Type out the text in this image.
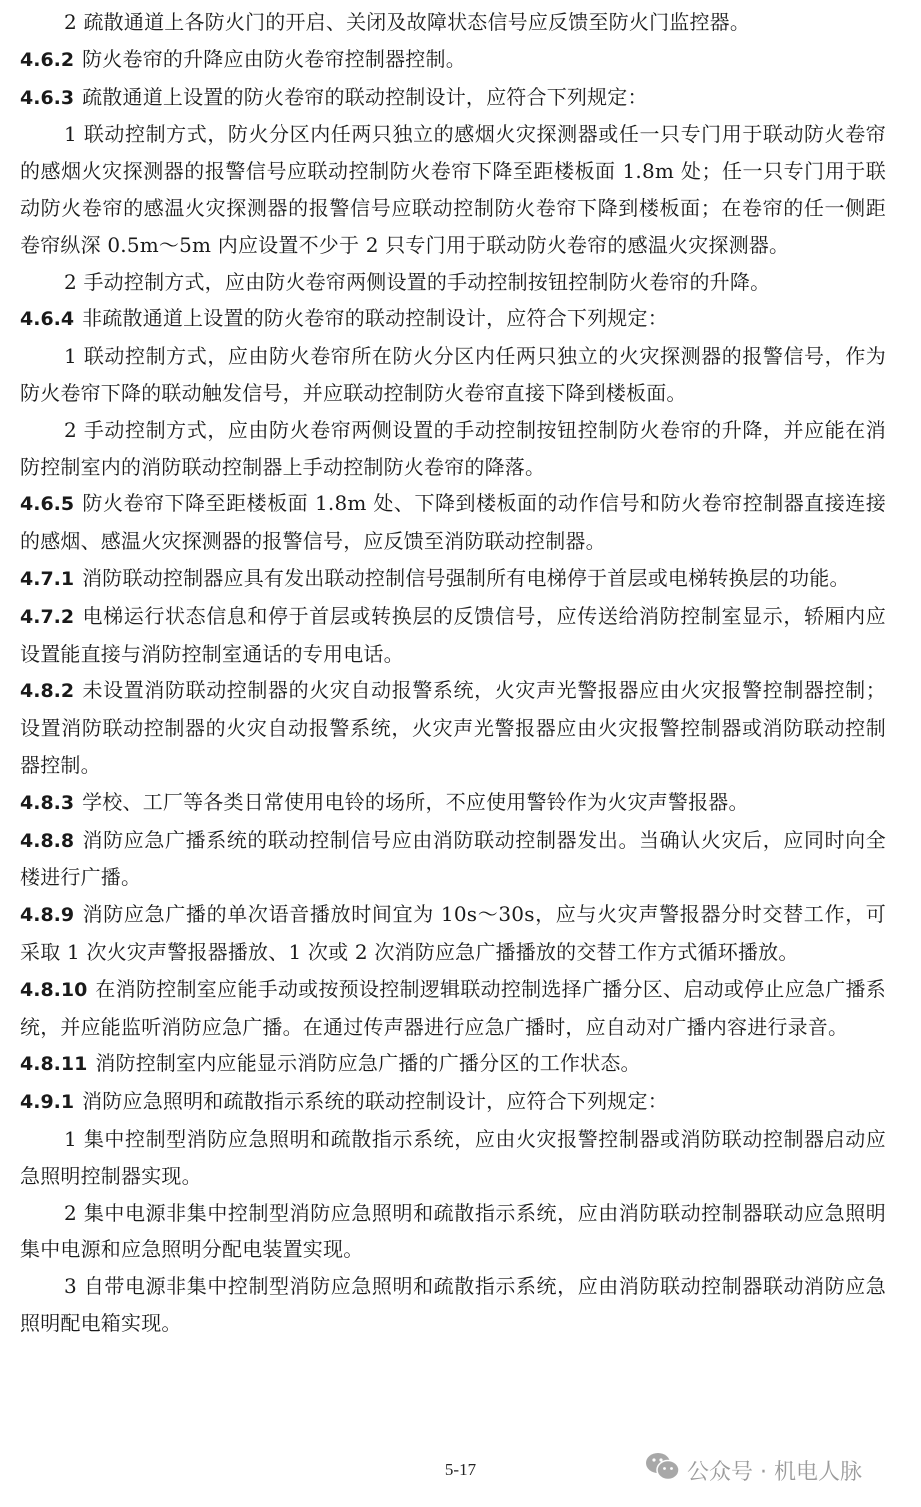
2 疏散通道上各防火门的开启、关闭及故障状态信号应反馈至防火门监控器。

4.6.2 防火卷帘的升降应由防火卷帘控制器控制。

4.6.3 疏散通道上设置的防火卷帘的联动控制设计，应符合下列规定：

1 联动控制方式，防火分区内任两只独立的感烟火灾探测器或任一只专门用于联动防火卷帘的感烟火灾探测器的报警信号应联动控制防火卷帘下降至距楼板面 1.8m 处；任一只专门用于联动防火卷帘的感温火灾探测器的报警信号应联动控制防火卷帘下降到楼板面；在卷帘的任一侧距卷帘纵深 0.5m～5m 内应设置不少于 2 只专门用于联动防火卷帘的感温火灾探测器。

2 手动控制方式，应由防火卷帘两侧设置的手动控制按钮控制防火卷帘的升降。

4.6.4 非疏散通道上设置的防火卷帘的联动控制设计，应符合下列规定：

1 联动控制方式，应由防火卷帘所在防火分区内任两只独立的火灾探测器的报警信号，作为防火卷帘下降的联动触发信号，并应联动控制防火卷帘直接下降到楼板面。

2 手动控制方式，应由防火卷帘两侧设置的手动控制按钮控制防火卷帘的升降，并应能在消防控制室内的消防联动控制器上手动控制防火卷帘的降落。

4.6.5 防火卷帘下降至距楼板面 1.8m 处、下降到楼板面的动作信号和防火卷帘控制器直接连接的感烟、感温火灾探测器的报警信号，应反馈至消防联动控制器。

4.7.1 消防联动控制器应具有发出联动控制信号强制所有电梯停于首层或电梯转换层的功能。

4.7.2 电梯运行状态信息和停于首层或转换层的反馈信号，应传送给消防控制室显示，轿厢内应设置能直接与消防控制室通话的专用电话。

4.8.2 未设置消防联动控制器的火灾自动报警系统，火灾声光警报器应由火灾报警控制器控制；设置消防联动控制器的火灾自动报警系统，火灾声光警报器应由火灾报警控制器或消防联动控制器控制。

4.8.3 学校、工厂等各类日常使用电铃的场所，不应使用警铃作为火灾声警报器。

4.8.8 消防应急广播系统的联动控制信号应由消防联动控制器发出。当确认火灾后，应同时向全楼进行广播。

4.8.9 消防应急广播的单次语音播放时间宜为 10s～30s，应与火灾声警报器分时交替工作，可采取 1 次火灾声警报器播放、1 次或 2 次消防应急广播播放的交替工作方式循环播放。

4.8.10 在消防控制室应能手动或按预设控制逻辑联动控制选择广播分区、启动或停止应急广播系统，并应能监听消防应急广播。在通过传声器进行应急广播时，应自动对广播内容进行录音。

4.8.11 消防控制室内应能显示消防应急广播的广播分区的工作状态。

4.9.1 消防应急照明和疏散指示系统的联动控制设计，应符合下列规定：

1 集中控制型消防应急照明和疏散指示系统，应由火灾报警控制器或消防联动控制器启动应急照明控制器实现。

2 集中电源非集中控制型消防应急照明和疏散指示系统，应由消防联动控制器联动应急照明集中电源和应急照明分配电装置实现。

3 自带电源非集中控制型消防应急照明和疏散指示系统，应由消防联动控制器联动消防应急照明配电箱实现。

5-17	公众号 · 机电人脉
